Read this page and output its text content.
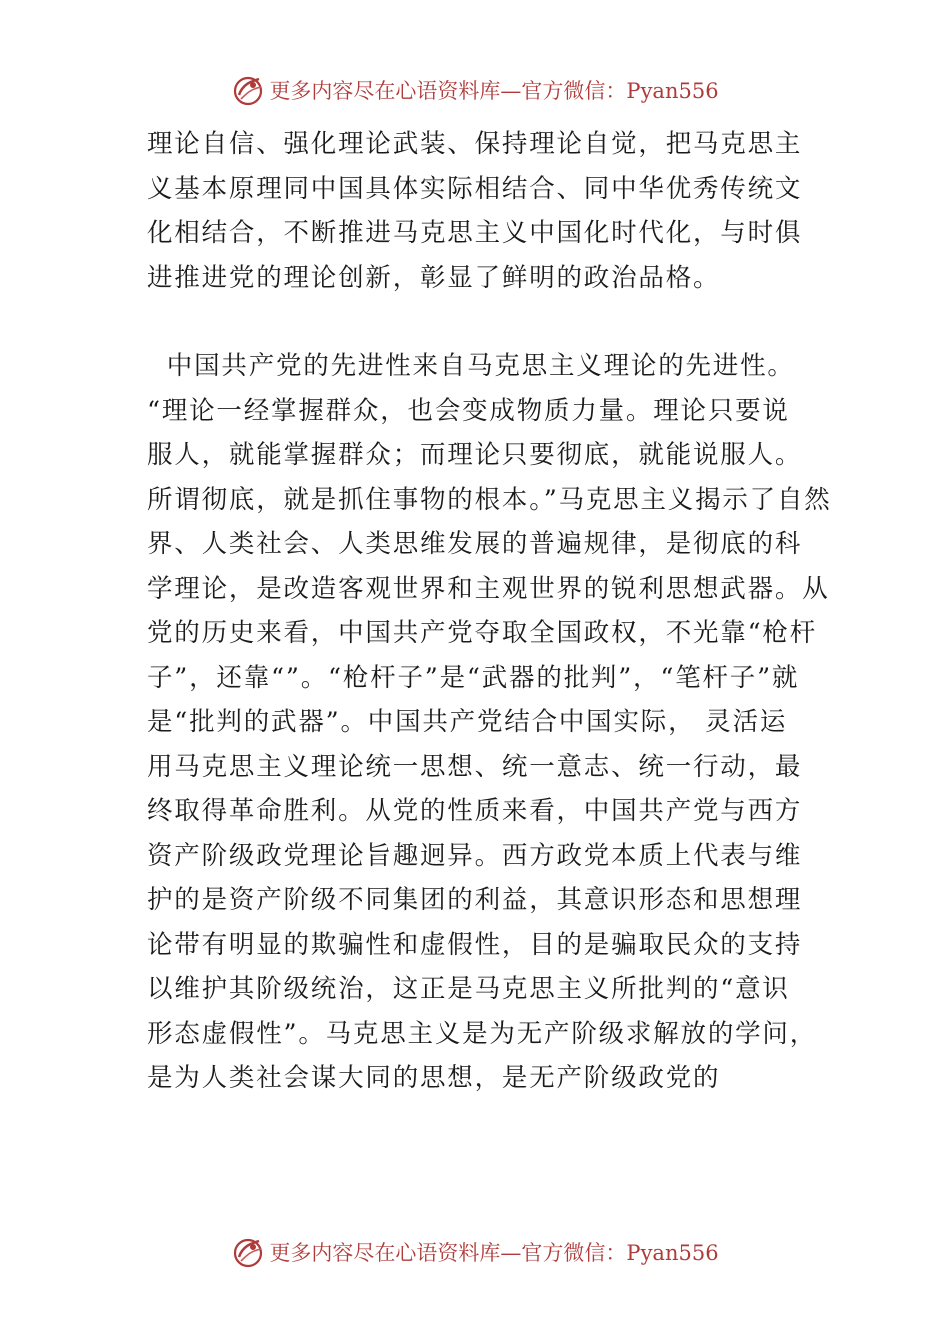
更多内容尽在心语资料库—官方微信：Pyan556
理论自信、强化理论武装、保持理论自觉，把马克思主
义基本原理同中国具体实际相结合、同中华优秀传统文
化相结合，不断推进马克思主义中国化时代化，与时俱
进推进党的理论创新，彰显了鲜明的政治品格。
中国共产党的先进性来自马克思主义理论的先进性。
“理论一经掌握群众，也会变成物质力量。理论只要说
服人，就能掌握群众；而理论只要彻底，就能说服人。
所谓彻底，就是抓住事物的根本。”马克思主义揭示了自然
界、人类社会、人类思维发展的普遍规律，是彻底的科
学理论，是改造客观世界和主观世界的锐利思想武器。从
党的历史来看，中国共产党夺取全国政权，不光靠“枪杆
子”，还靠“”。“枪杆子”是“武器的批判”，“笔杆子”就
是“批判的武器”。中国共产党结合中国实际， 灵活运
用马克思主义理论统一思想、统一意志、统一行动，最
终取得革命胜利。从党的性质来看，中国共产党与西方
资产阶级政党理论旨趣迥异。西方政党本质上代表与维
护的是资产阶级不同集团的利益，其意识形态和思想理
论带有明显的欺骗性和虚假性，目的是骗取民众的支持
以维护其阶级统治，这正是马克思主义所批判的“意识
形态虚假性”。马克思主义是为无产阶级求解放的学问，
是为人类社会谋大同的思想，是无产阶级政党的
更多内容尽在心语资料库—官方微信：Pyan556
